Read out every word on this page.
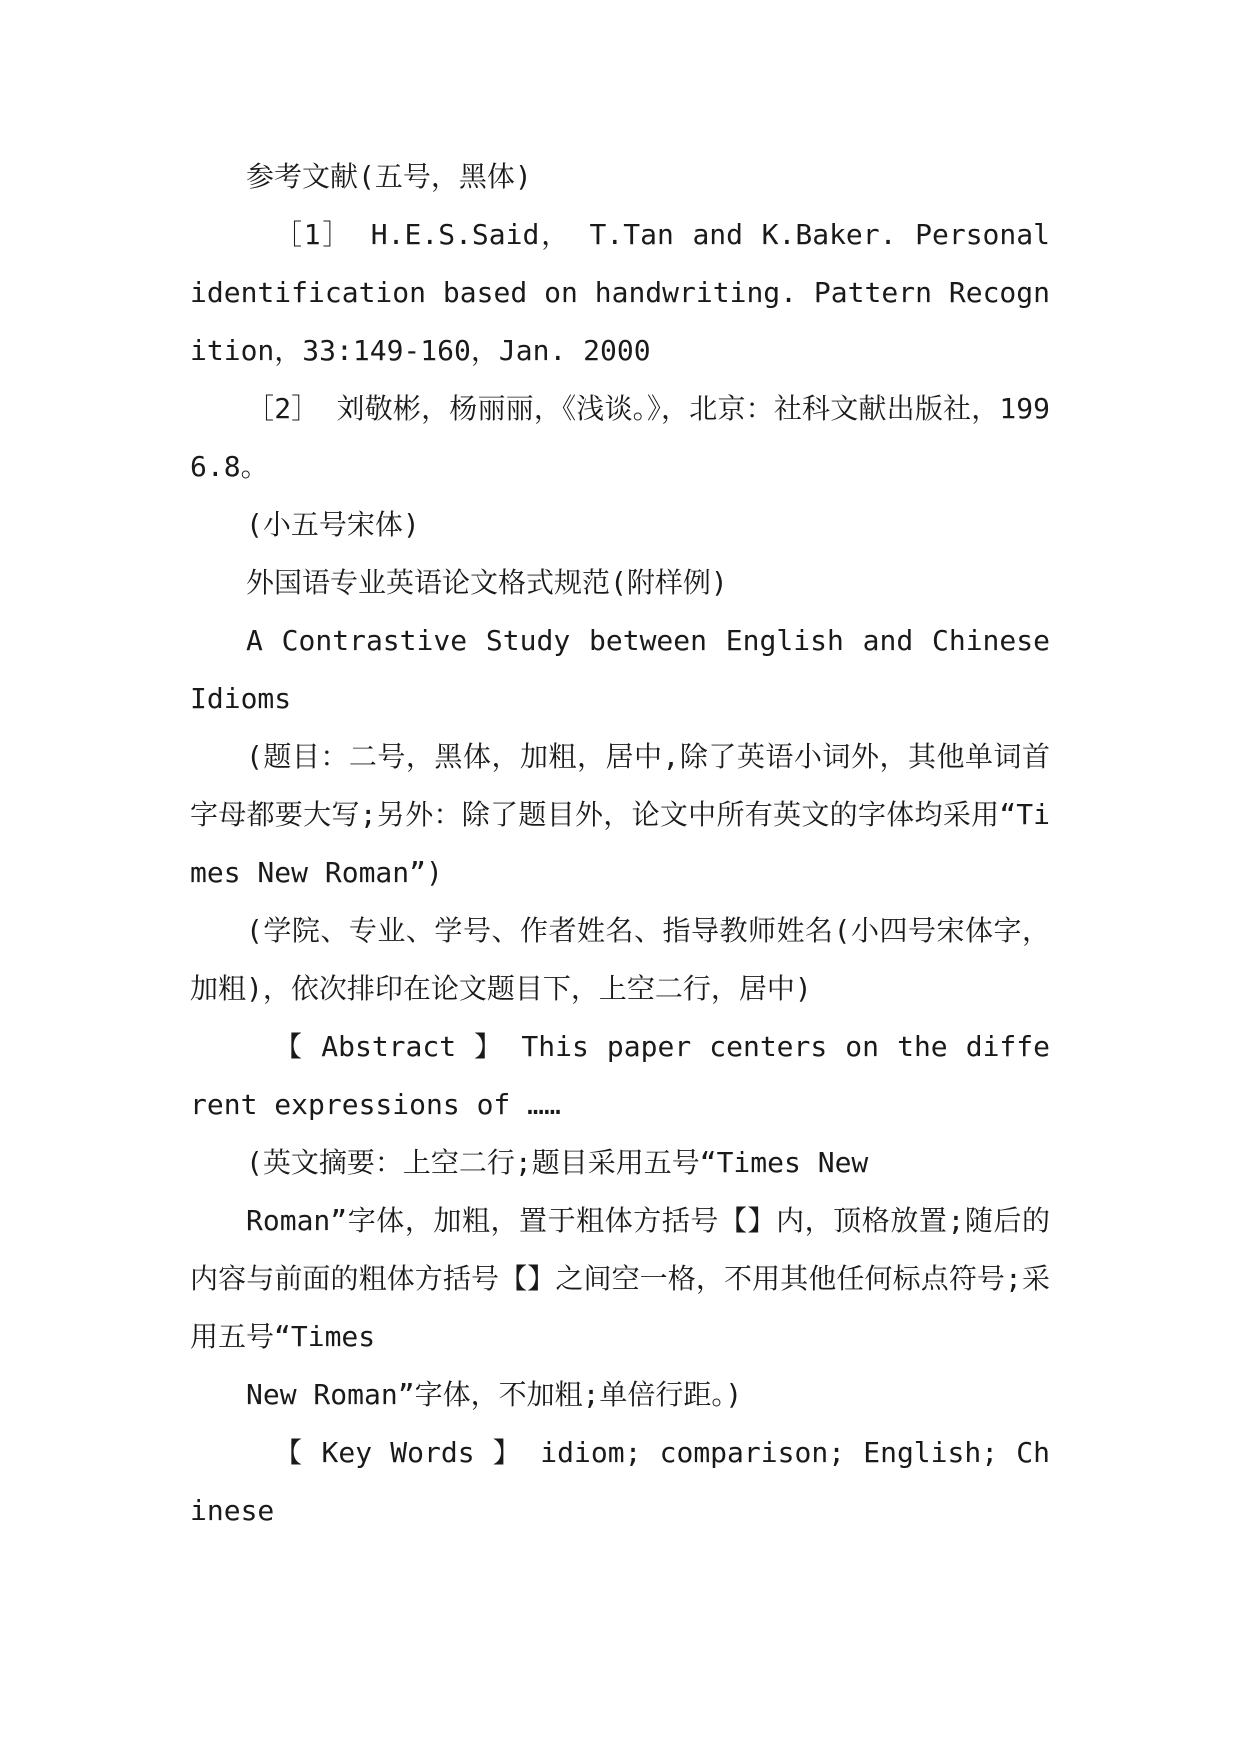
参考文献(五号，黑体)

［1］ H.E.S.Said， T.Tan and K.Baker. Personal identification based on handwriting. Pattern Recognition，33:149-160，Jan. 2000

［2］ 刘敬彬，杨丽丽，《浅谈。》，北京：社科文献出版社，1996.8。

(小五号宋体)

外国语专业英语论文格式规范(附样例)

A Contrastive Study between English and Chinese Idioms

(题目：二号，黑体，加粗，居中,除了英语小词外，其他单词首字母都要大写;另外：除了题目外，论文中所有英文的字体均采用“Times New Roman”)

(学院、专业、学号、作者姓名、指导教师姓名(小四号宋体字，加粗)，依次排印在论文题目下，上空二行，居中)

【 Abstract 】 This paper centers on the different expressions of ……

(英文摘要：上空二行;题目采用五号“Times New

Roman”字体，加粗，置于粗体方括号【】内，顶格放置;随后的内容与前面的粗体方括号【】之间空一格，不用其他任何标点符号;采用五号“Times

New Roman”字体，不加粗;单倍行距。)

【 Key Words 】 idiom; comparison; English; Chinese
